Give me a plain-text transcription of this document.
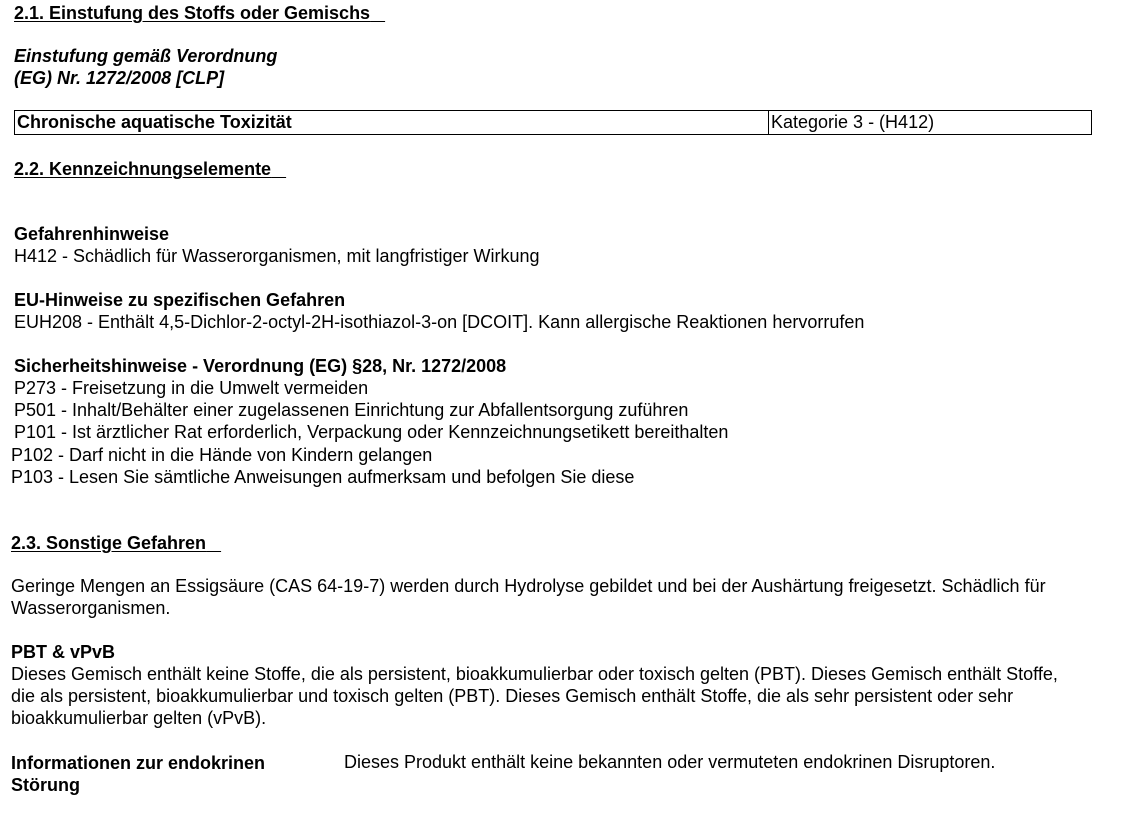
2.1. Einstufung des Stoffs oder Gemischs
Einstufung gemäß Verordnung
(EG) Nr. 1272/2008 [CLP]
Chronische aquatische Toxizität	Kategorie 3 - (H412)
2.2. Kennzeichnungselemente
Gefahrenhinweise
H412 - Schädlich für Wasserorganismen, mit langfristiger Wirkung
EU-Hinweise zu spezifischen Gefahren
EUH208 - Enthält 4,5-Dichlor-2-octyl-2H-isothiazol-3-on [DCOIT]. Kann allergische Reaktionen hervorrufen
Sicherheitshinweise - Verordnung (EG) §28, Nr. 1272/2008
P273 - Freisetzung in die Umwelt vermeiden
P501 - Inhalt/Behälter einer zugelassenen Einrichtung zur Abfallentsorgung zuführen
P101 - Ist ärztlicher Rat erforderlich, Verpackung oder Kennzeichnungsetikett bereithalten
P102 - Darf nicht in die Hände von Kindern gelangen
P103 - Lesen Sie sämtliche Anweisungen aufmerksam und befolgen Sie diese
2.3. Sonstige Gefahren
Geringe Mengen an Essigsäure (CAS 64-19-7) werden durch Hydrolyse gebildet und bei der Aushärtung freigesetzt. Schädlich für Wasserorganismen.
PBT & vPvB
Dieses Gemisch enthält keine Stoffe, die als persistent, bioakkumulierbar oder toxisch gelten (PBT). Dieses Gemisch enthält Stoffe, die als persistent, bioakkumulierbar und toxisch gelten (PBT). Dieses Gemisch enthält Stoffe, die als sehr persistent oder sehr bioakkumulierbar gelten (vPvB).
Informationen zur endokrinen
Störung
Dieses Produkt enthält keine bekannten oder vermuteten endokrinen Disruptoren.
